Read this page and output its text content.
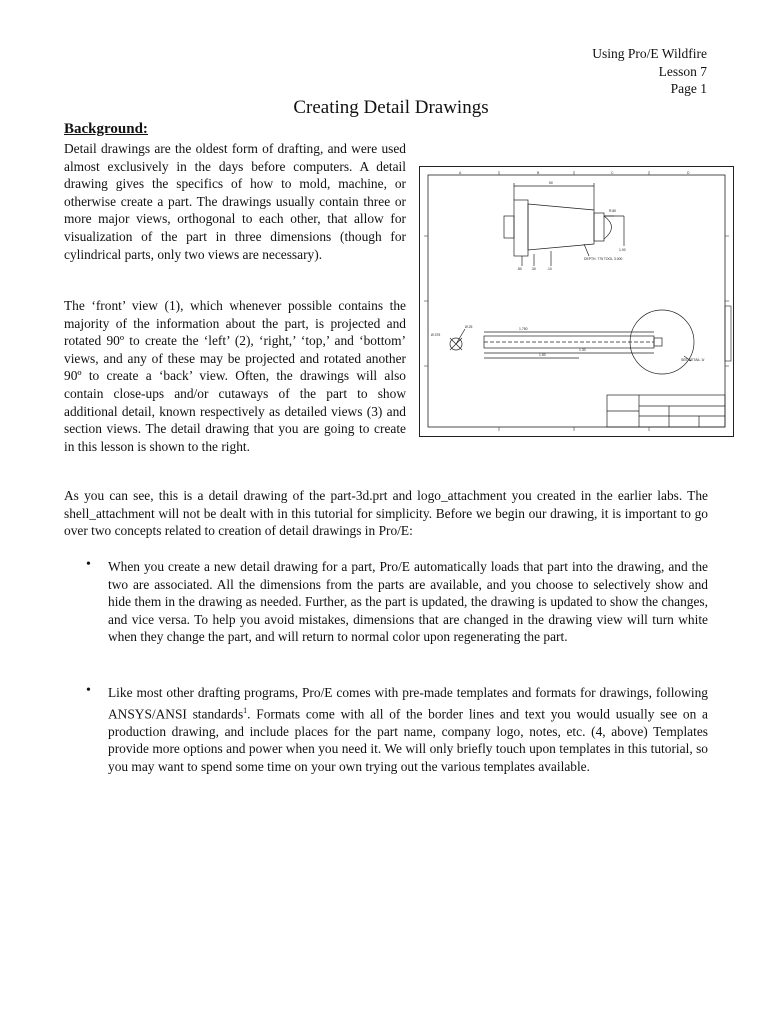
Using Pro/E Wildfire
Lesson 7
Page 1
Creating Detail Drawings
Background:
Detail drawings are the oldest form of drafting, and were used almost exclusively in the days before computers. A detail drawing gives the specifics of how to mold, machine, or otherwise create a part. The drawings usually contain three or more major views, orthogonal to each other, that allow for visualization of the part in three dimensions (though for cylindrical parts, only two views are necessary).
The ‘front’ view (1), which whenever possible contains the majority of the information about the part, is projected and rotated 90º to create the ‘left’ (2), ‘right,’ ‘top,’ and ‘bottom’ views, and any of these may be projected and rotated another 90º to create a ‘back’ view. Often, the drawings will also contain close-ups and/or cutaways of the part to show additional detail, known respectively as detailed views (3) and section views. The detail drawing that you are going to create in this lesson is shown to the right.
A	B	C	D
50
R.80
1.00
DEPTH .775 TOOL 3.000
.80	.30	.10
Ø.25
Ø.375
1.750
1.30
1.50
SEE DETAIL 'A'
As you can see, this is a detail drawing of the part-3d.prt and logo_attachment you created in the earlier labs. The shell_attachment will not be dealt with in this tutorial for simplicity. Before we begin our drawing, it is important to go over two concepts related to creation of detail drawings in Pro/E:
• When you create a new detail drawing for a part, Pro/E automatically loads that part into the drawing, and the two are associated. All the dimensions from the parts are available, and you choose to selectively show and hide them in the drawing as needed. Further, as the part is updated, the drawing is updated to show the changes, and vice versa. To help you avoid mistakes, dimensions that are changed in the drawing view will turn white when they change the part, and will return to normal color upon regenerating the part.
• Like most other drafting programs, Pro/E comes with pre-made templates and formats for drawings, following ANSYS/ANSI standards$^1$. Formats come with all of the border lines and text you would usually see on a production drawing, and include places for the part name, company logo, notes, etc. (4, above) Templates provide more options and power when you need it. We will only briefly touch upon templates in this tutorial, so you may want to spend some time on your own trying out the various templates available.
